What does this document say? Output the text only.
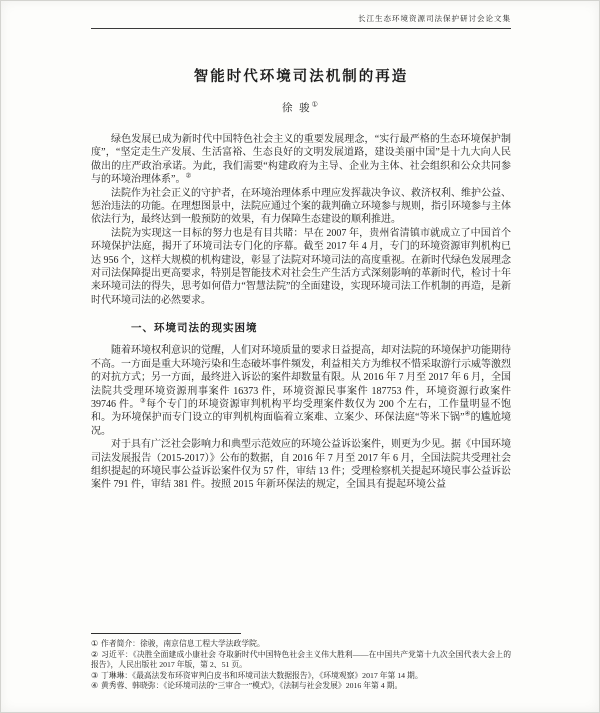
长江生态环境资源司法保护研讨会论文集
智能时代环境司法机制的再造
徐 骏①

绿色发展已成为新时代中国特色社会主义的重要发展理念，“实行最严格的生态环境保护制度”，“坚定走生产发展、生活富裕、生态良好的文明发展道路，建设美丽中国”是十九大向人民做出的庄严政治承诺。为此，我们需要“构建政府为主导、企业为主体、社会组织和公众共同参与的环境治理体系”。②

法院作为社会正义的守护者，在环境治理体系中理应发挥裁决争议、救济权利、维护公益、惩治违法的功能。在理想图景中，法院应通过个案的裁判确立环境参与规则，指引环境参与主体依法行为，最终达到一般预防的效果，有力保障生态建设的顺利推进。

法院为实现这一目标的努力也是有目共睹：早在 2007 年，贵州省清镇市就成立了中国首个环境保护法庭，揭开了环境司法专门化的序幕。截至 2017 年 4 月，专门的环境资源审判机构已达 956 个，这样大规模的机构建设，彰显了法院对环境司法的高度重视。在新时代绿色发展理念对司法保障提出更高要求，特别是智能技术对社会生产生活方式深刻影响的革新时代，检讨十年来环境司法的得失，思考如何借力“智慧法院”的全面建设，实现环境司法工作机制的再造，是新时代环境司法的必然要求。

一、环境司法的现实困境

随着环境权利意识的觉醒，人们对环境质量的要求日益提高，却对法院的环境保护功能期待不高。一方面是重大环境污染和生态破坏事件频发，利益相关方为维权不惜采取游行示威等激烈的对抗方式；另一方面，最终进入诉讼的案件却数量有限。从 2016 年 7 月至 2017 年 6 月，全国法院共受理环境资源刑事案件 16373 件，环境资源民事案件 187753 件，环境资源行政案件 39746 件。③每个专门的环境资源审判机构平均受理案件数仅为 200 个左右，工作量明显不饱和。为环境保护而专门设立的审判机构面临着立案难、立案少、环保法庭“等米下锅”④的尴尬境况。

对于具有广泛社会影响力和典型示范效应的环境公益诉讼案件，则更为少见。据《中国环境司法发展报告（2015-2017）》公布的数据，自 2016 年 7 月至 2017 年 6 月，全国法院共受理社会组织提起的环境民事公益诉讼案件仅为 57 件，审结 13 件；受理检察机关提起环境民事公益诉讼案件 791 件，审结 381 件。按照 2015 年新环保法的规定，全国具有提起环境公益

① 作者简介：徐骏，南京信息工程大学法政学院。
② 习近平：《决胜全面建成小康社会 夺取新时代中国特色社会主义伟大胜利——在中国共产党第十九次全国代表大会上的报告》，人民出版社 2017 年版，第 2、51 页。
③ 丁琳琳：《最高法发布环资审判白皮书和环境司法大数据报告》，《环境观察》2017 年第 14 期。
④ 黄秀蓉、韩晓弥：《论环境司法的“三审合一”模式》，《法制与社会发展》2016 年第 4 期。
